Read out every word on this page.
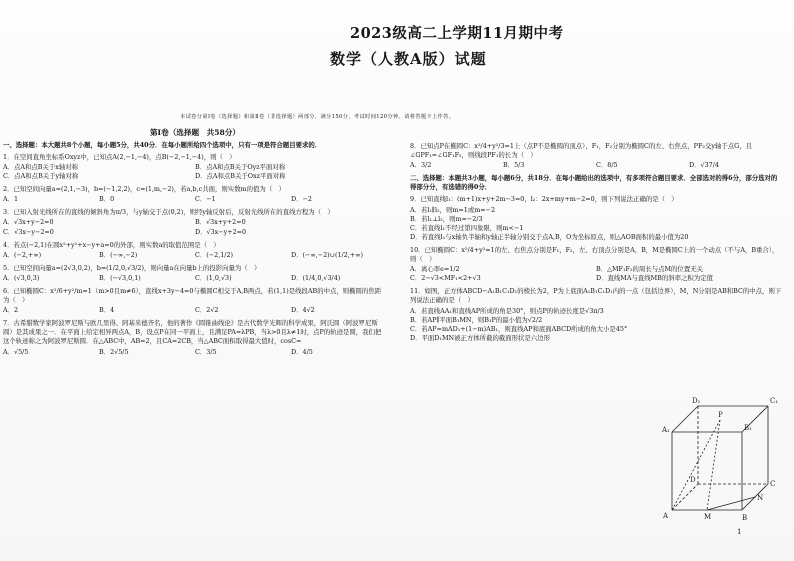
2023级高二上学期11月期中考
数学（人教A版）试题
本试卷分第Ⅰ卷（选择题）和第Ⅱ卷（非选择题）两部分，满分150分，考试时间120分钟。请将答题卡上作答。
第Ⅰ卷（选择题　共58分）
一、选择题：本大题共8个小题，每小题5分，共40分．在每小题所给四个选项中，只有一项是符合题目要求的．
1．在空间直角坐标系Oxyz中，已知点A(2,−1,−4)，点B(−2,−1,−4)，则（　）
A．点A和点B关于x轴对称	B．点A和点B关于Oyz平面对称
C．点A和点B关于y轴对称	D．点A和点B关于Oxz平面对称
2．已知空间向量a=(2,1,−3)，b=(−1,2,2)，c=(1,m,−2)，若a,b,c共面，则实数m的值为（　）
A．1	B．0	C．−1	D．−2
3．已知入射光线所在的直线的倾斜角为π/3，与y轴交于点(0,2)，则经y轴反射后，反射光线所在的直线方程为（　）
A．√3x+y−2=0	B．√3x+y+2=0
C．√3x−y−2=0	D．√3x−y+2=0
4．若点(−2,1)在圆x²+y²+x−y+a=0的外部，则实数a的取值范围是（　）
A．(−2,+∞)	B．(−∞,−2)	C．(−2,1/2)	D．(−∞,−2)∪(1/2,+∞)
5．已知空间向量a=(2√3,0,2)，b=(1/2,0,√3/2)，则向量a在向量b上的投影向量为（　）
A．(√3,0,3)	B．(−√3,0,1)	C．(1,0,√3)	D．(1/4,0,√3/4)
6．已知椭圆C：x²/6+y²/m=1（m>0且m≠6），直线x+3y−4=0与椭圆C相交于A,B两点，若(1,1)是线段AB的中点，则椭圆的焦距为（　）
A．2	B．4	C．2√2	D．4√2
7．古希腊数学家阿波罗尼斯与欧几里得、阿基米德齐名，他的著作《圆锥曲线论》是古代数学光辉的科学成果，阿氏圆（阿波罗尼斯圆）是其成果之一．在平面上给定相异两点A，B，设点P在同一平面上，且满足PA=λPB，当λ>0且λ≠1时，点P的轨迹是圆，我们把这个轨迹称之为阿波罗尼斯圆．在△ABC中，AB=2，且CA=2CB，当△ABC面积取得最大值时，cosC=
A．√5/5	B．2√5/5	C．3/5	D．4/5
8．已知点P在椭圆C：x²/4+y²/3=1上（点P不是椭圆的顶点），F₁，F₂分别为椭圆C的左、右焦点，PF₂交y轴于点G，且∠GPF₁=∠GF₁F₂，则线段PF₁的长为（　）
A．3/2	B．5/3	C．8/5	D．√37/4
二、选择题：本题共3小题，每小题6分，共18分．在每小题给出的选项中，有多项符合题目要求．全部选对的得6分，部分选对的得部分分，有选错的得0分．
9．已知直线l₁：(m+1)x+y+2m−3=0，l₂：2x+my+m−2=0，则下列说法正确的是（　）
A．若l₁∥l₂，则m=1或m=−2
B．若l₁⊥l₂，则m=−2/3
C．若直线l₁不经过第四象限，则m<−1
D．若直线l₁与x轴负半轴和y轴正半轴分别交于点A,B，O为坐标原点，则△AOB面积的最小值为20
10．已知椭圆C：x²/4+y²=1的左、右焦点分别是F₁，F₂，左、右顶点分别是A，B，M是椭圆C上的一个动点（不与A，B重合），则（　）
A．离心率e=1/2	B．△MF₁F₂的周长与点M的位置无关
C．2−√3<MF₁<2+√3	D．直线MA与直线MB的斜率之积为定值
11．如图，正方体ABCD−A₁B₁C₁D₁的棱长为2，P为上底面A₁B₁C₁D₁内的一点（包括边界），M，N分别是AB和BC的中点，则下列说法正确的是（　）
A．若直线AA₁和直线AP所成的角是30°，则点P的轨迹长度是√3π/3
B．若AP∥平面B₁MN，则B₁P的最小值为√2/2
C．若AP=mAD₁+(1−m)AB₁，则直线AP和底面ABCD所成的角大小是45°
D．平面D₁MN被正方体所截的截面形状是六边形
D₁	C₁
A₁	B₁
D	C
A	B
P
M
N
1
